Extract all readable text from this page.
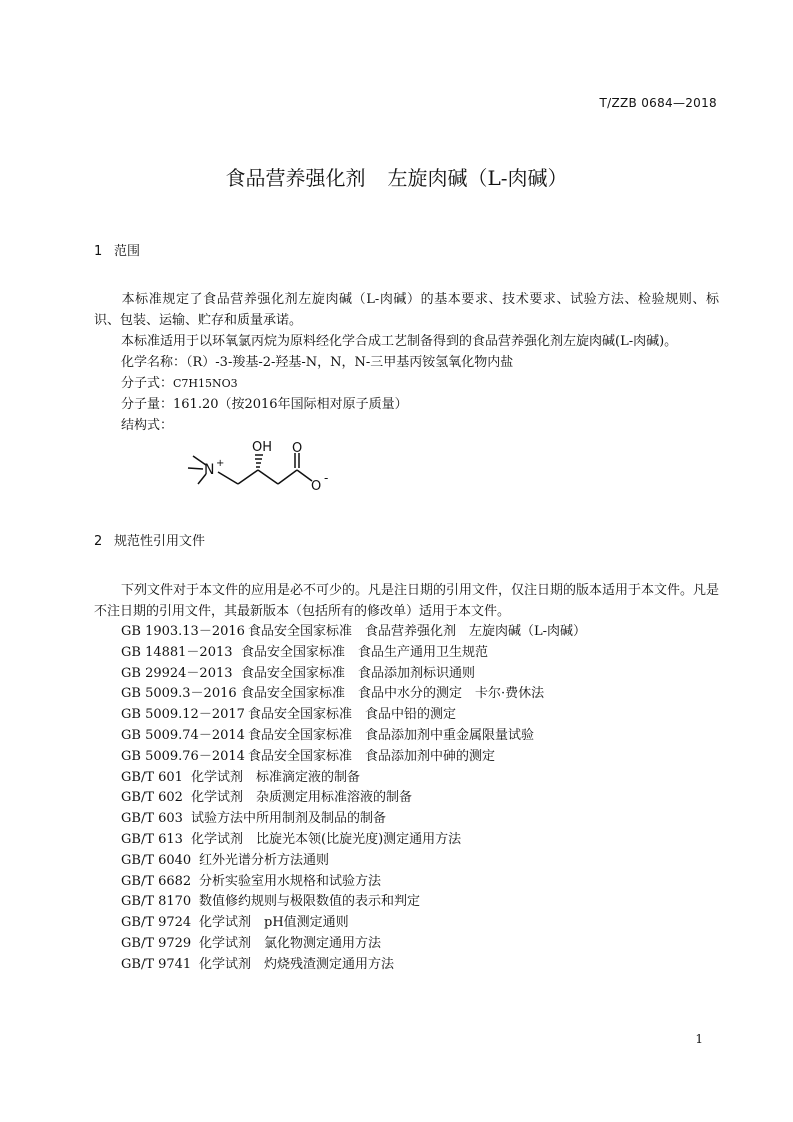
T/ZZB 0684—2018
食品营养强化剂 左旋肉碱（L-肉碱）
1 范围
本标准规定了食品营养强化剂左旋肉碱（L-肉碱）的基本要求、技术要求、试验方法、检验规则、标识、包装、运输、贮存和质量承诺。
本标准适用于以环氧氯丙烷为原料经化学合成工艺制备得到的食品营养强化剂左旋肉碱(L-肉碱)。
化学名称：（R）-3-羧基-2-羟基-N，N，N-三甲基丙铵氢氧化物内盐
分子式：C7H15NO3
分子量：161.20（按2016年国际相对原子质量）
结构式：
N +
OH O
O
-
2 规范性引用文件
下列文件对于本文件的应用是必不可少的。凡是注日期的引用文件，仅注日期的版本适用于本文件。凡是不注日期的引用文件，其最新版本（包括所有的修改单）适用于本文件。
GB 1903.13－2016 食品安全国家标准　食品营养强化剂　左旋肉碱（L-肉碱）
GB 14881－2013 食品安全国家标准　食品生产通用卫生规范
GB 29924－2013 食品安全国家标准　食品添加剂标识通则
GB 5009.3－2016 食品安全国家标准　食品中水分的测定　卡尔·费休法
GB 5009.12－2017 食品安全国家标准　食品中铅的测定
GB 5009.74－2014 食品安全国家标准　食品添加剂中重金属限量试验
GB 5009.76－2014 食品安全国家标准　食品添加剂中砷的测定
GB/T 601 化学试剂　标准滴定液的制备
GB/T 602 化学试剂　杂质测定用标准溶液的制备
GB/T 603 试验方法中所用制剂及制品的制备
GB/T 613 化学试剂　比旋光本领(比旋光度)测定通用方法
GB/T 6040 红外光谱分析方法通则
GB/T 6682 分析实验室用水规格和试验方法
GB/T 8170 数值修约规则与极限数值的表示和判定
GB/T 9724 化学试剂　pH值测定通则
GB/T 9729 化学试剂　氯化物测定通用方法
GB/T 9741 化学试剂　灼烧残渣测定通用方法
1
